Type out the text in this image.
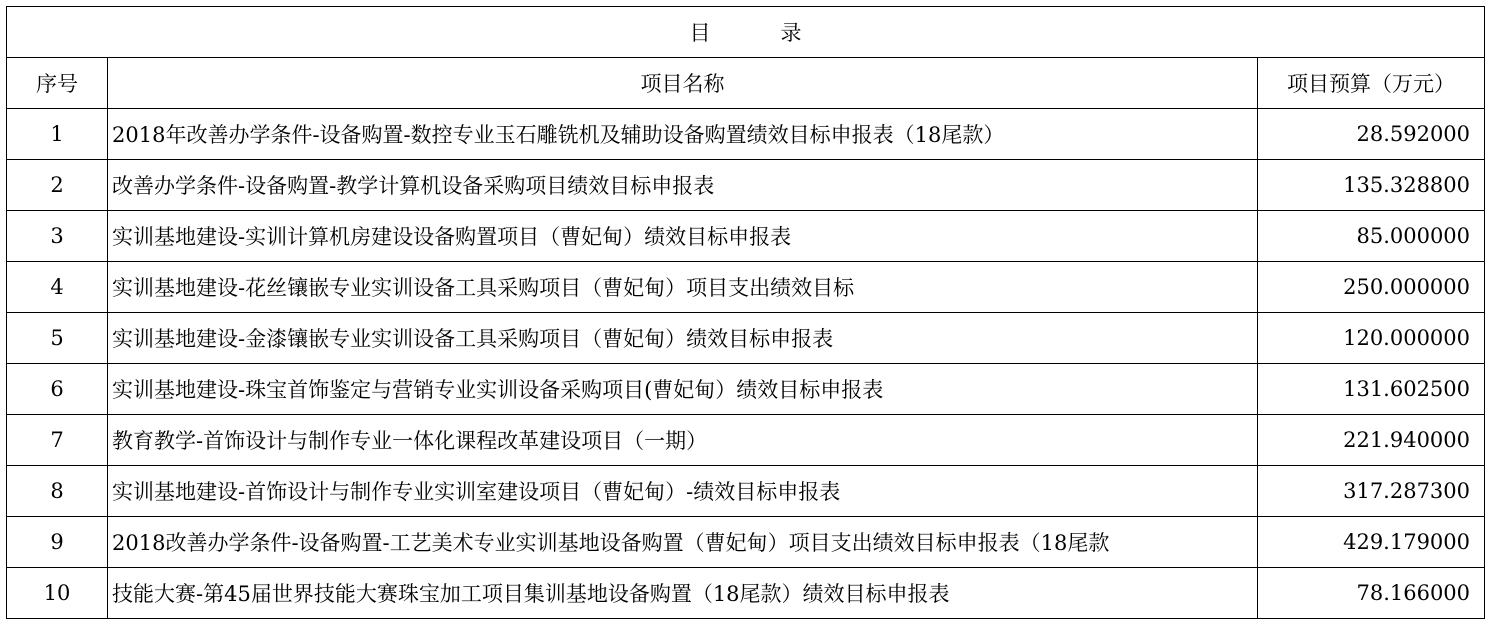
目 录		
序号	项目名称	项目预算（万元）
1	2018年改善办学条件-设备购置-数控专业玉石雕铣机及辅助设备购置绩效目标申报表（18尾款）	28.592000
2	改善办学条件-设备购置-教学计算机设备采购项目绩效目标申报表	135.328800
3	实训基地建设-实训计算机房建设设备购置项目（曹妃甸）绩效目标申报表	85.000000
4	实训基地建设-花丝镶嵌专业实训设备工具采购项目（曹妃甸）项目支出绩效目标	250.000000
5	实训基地建设-金漆镶嵌专业实训设备工具采购项目（曹妃甸）绩效目标申报表	120.000000
6	实训基地建设-珠宝首饰鉴定与营销专业实训设备采购项目(曹妃甸）绩效目标申报表	131.602500
7	教育教学-首饰设计与制作专业一体化课程改革建设项目（一期）	221.940000
8	实训基地建设-首饰设计与制作专业实训室建设项目（曹妃甸）-绩效目标申报表	317.287300
9	2018改善办学条件-设备购置-工艺美术专业实训基地设备购置（曹妃甸）项目支出绩效目标申报表（18尾款	429.179000
10	技能大赛-第45届世界技能大赛珠宝加工项目集训基地设备购置（18尾款）绩效目标申报表	78.166000
